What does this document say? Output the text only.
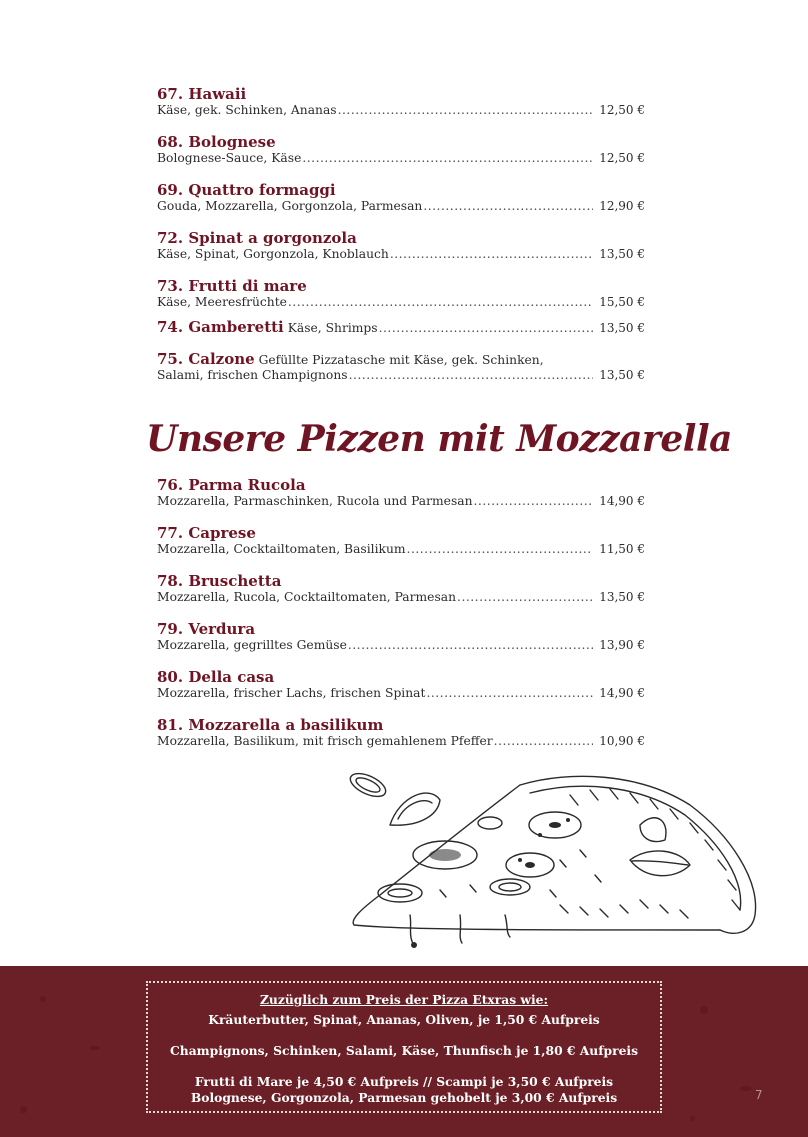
67. Hawaii
Käse, gek. Schinken, Ananas .....	12,50 €
68. Bolognese
Bolognese-Sauce, Käse .....	12,50 €
69. Quattro formaggi
Gouda, Mozzarella, Gorgonzola, Parmesan .....	12,90 €
72. Spinat a gorgonzola
Käse, Spinat, Gorgonzola, Knoblauch .....	13,50 €
73. Frutti di mare
Käse, Meeresfrüchte .....	15,50 €
74. Gamberetti Käse, Shrimps .....	13,50 €
75. Calzone Gefüllte Pizzatasche mit Käse, gek. Schinken,
Salami, frischen Champignons .....	13,50 €
Unsere Pizzen mit Mozzarella
76. Parma Rucola
Mozzarella, Parmaschinken, Rucola und Parmesan .....	14,90 €
77. Caprese
Mozzarella, Cocktailtomaten, Basilikum .....	11,50 €
78. Bruschetta
Mozzarella, Rucola, Cocktailtomaten, Parmesan .....	13,50 €
79. Verdura
Mozzarella, gegrilltes Gemüse .....	13,90 €
80. Della casa
Mozzarella, frischer Lachs, frischen Spinat .....	14,90 €
81. Mozzarella a basilikum
Mozzarella, Basilikum, mit frisch gemahlenem Pfeffer .....	10,90 €
Zuzüglich zum Preis der Pizza Etxras wie:
Kräuterbutter, Spinat, Ananas, Oliven, je 1,50 € Aufpreis
Champignons, Schinken, Salami, Käse, Thunfisch je 1,80 € Aufpreis
Frutti di Mare je 4,50 € Aufpreis // Scampi je 3,50 € Aufpreis
Bolognese, Gorgonzola, Parmesan gehobelt je 3,00 € Aufpreis	7
